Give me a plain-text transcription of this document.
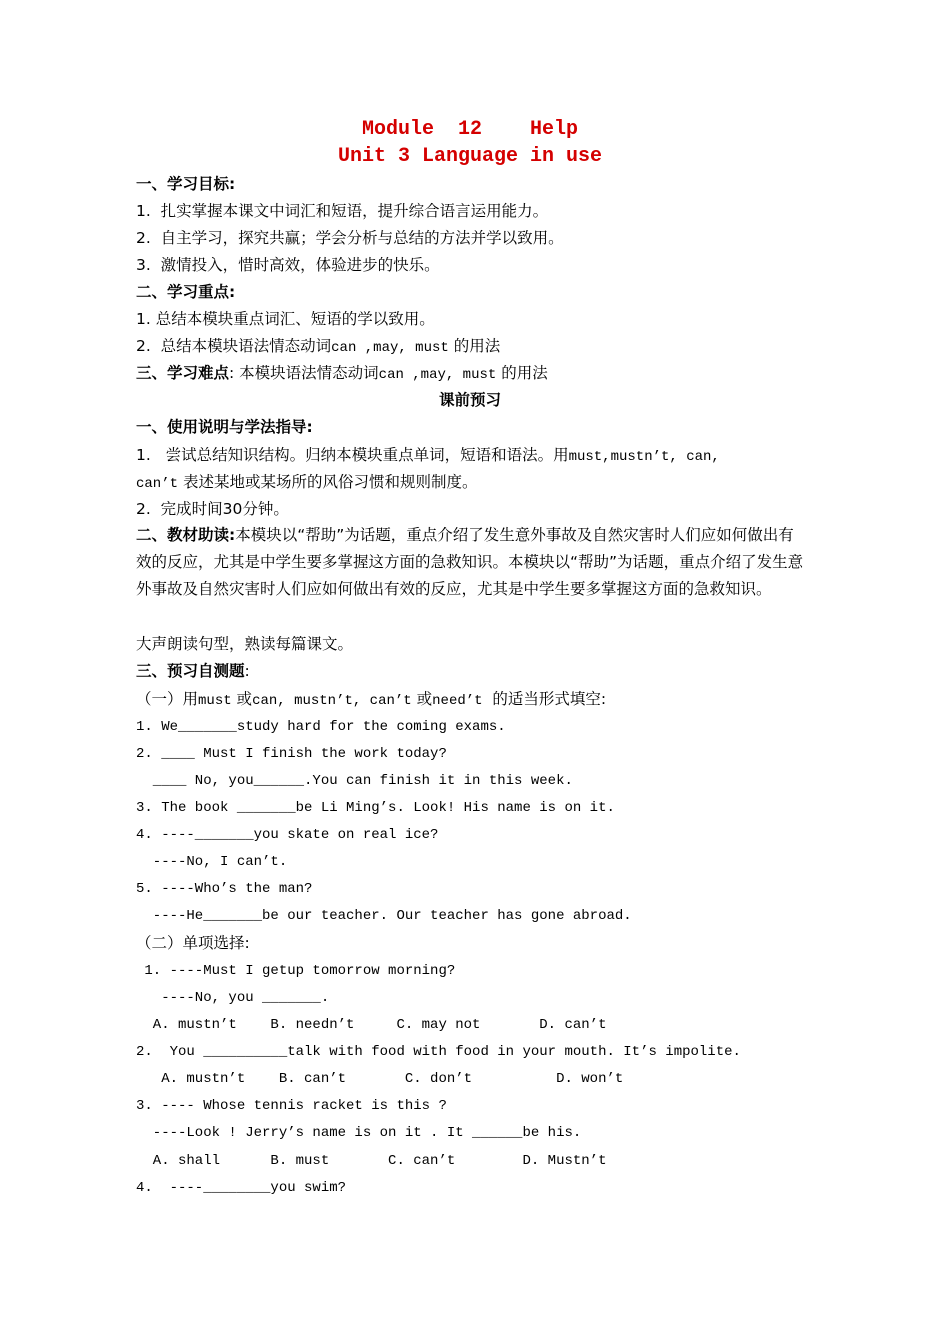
Module  12    Help
Unit 3 Language in use
一、学习目标:
1.  扎实掌握本课文中词汇和短语，提升综合语言运用能力。
2.  自主学习，探究共赢；学会分析与总结的方法并学以致用。
3.  激情投入，惜时高效，体验进步的快乐。
二、学习重点:
1. 总结本模块重点词汇、短语的学以致用。
2.  总结本模块语法情态动词can ,may, must 的用法
三、学习难点: 本模块语法情态动词can ,may, must 的用法
课前预习
一、使用说明与学法指导:
1.   尝试总结知识结构。归纳本模块重点单词，短语和语法。用must,mustn’t, can,
can’t 表述某地或某场所的风俗习惯和规则制度。
2.  完成时间30分钟。
二、教材助读:本模块以“帮助”为话题，重点介绍了发生意外事故及自然灾害时人们应如何做出有效的反应，尤其是中学生要多掌握这方面的急救知识。本模块以“帮助”为话题，重点介绍了发生意外事故及自然灾害时人们应如何做出有效的反应，尤其是中学生要多掌握这方面的急救知识。
大声朗读句型，熟读每篇课文。
三、预习自测题:
（一）用must 或can, mustn’t, can’t 或need’t  的适当形式填空:
1. We_______study hard for the coming exams.
2. ____ Must I finish the work today?
____ No, you______.You can finish it in this week.
3. The book _______be Li Ming’s. Look! His name is on it.
4. ----_______you skate on real ice?
----No, I can’t.
5. ----Who’s the man?
----He_______be our teacher. Our teacher has gone abroad.
（二）单项选择:
1. ----Must I getup tomorrow morning?
----No, you _______.
A. mustn’t    B. needn’t     C. may not       D. can’t
2.  You __________talk with food with food in your mouth. It’s impolite.
A. mustn’t    B. can’t       C. don’t          D. won’t
3. ---- Whose tennis racket is this ?
----Look ! Jerry’s name is on it . It ______be his.
A. shall      B. must       C. can’t        D. Mustn’t
4.  ----________you swim?
